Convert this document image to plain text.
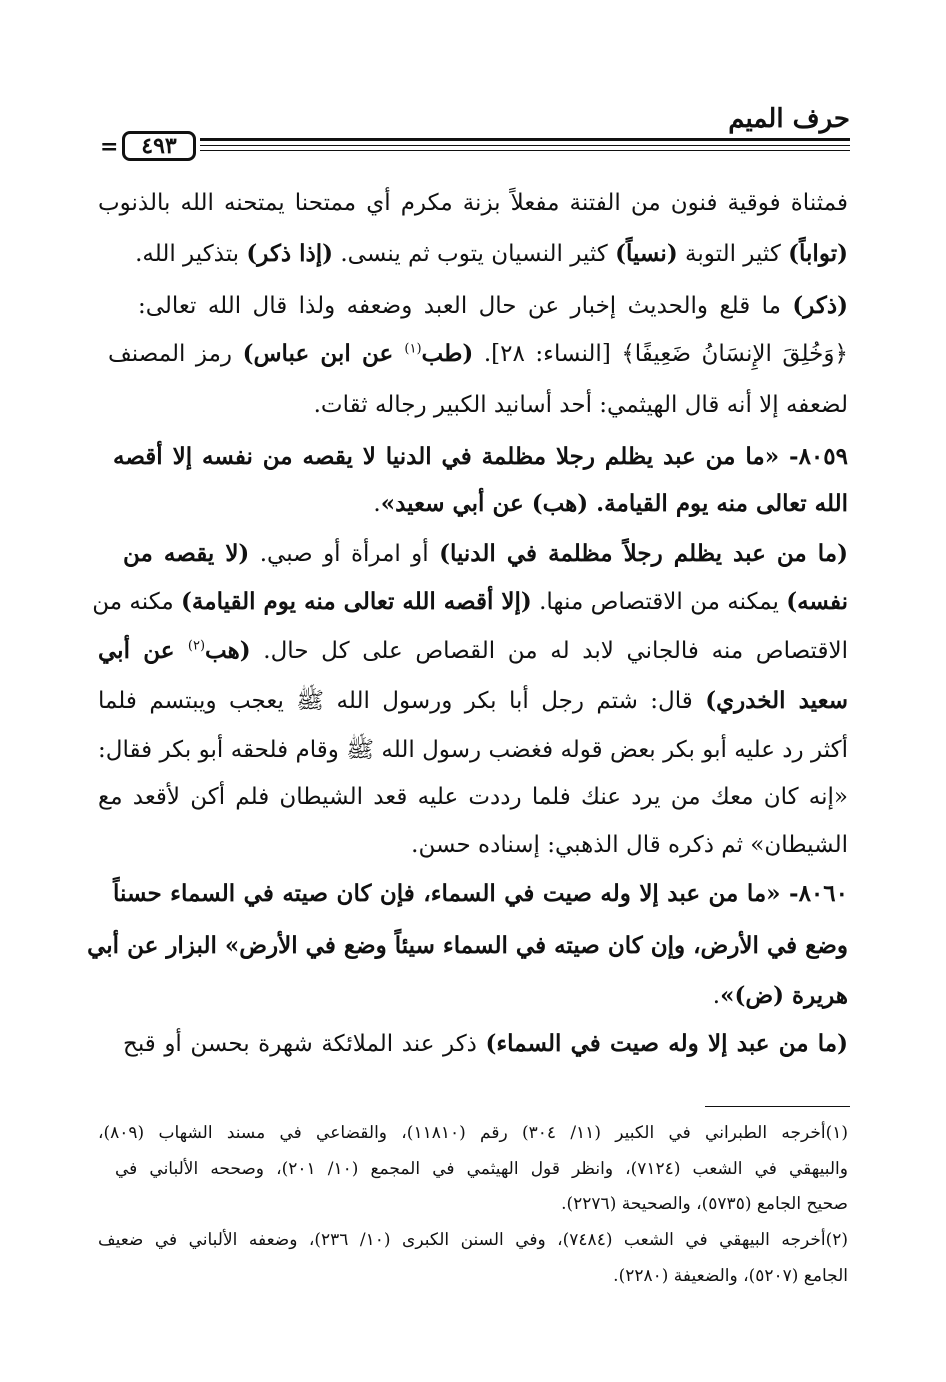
حرف الميم
٤٩٣
=
فمثناة فوقية فنون من الفتنة مفعلاً بزنة مكرم أي ممتحنا يمتحنه الله بالذنوب
(تواباً) كثير التوبة (نسياً) كثير النسيان يتوب ثم ينسى. (إذا ذكر) بتذكير الله.
(ذكر) ما قلع والحديث إخبار عن حال العبد وضعفه ولذا قال الله تعالى:
﴿وَخُلِقَ الإِنسَانُ ضَعِيفًا﴾ [النساء: ٢٨]. (طب$^{(١)}$ عن ابن عباس) رمز المصنف
لضعفه إلا أنه قال الهيثمي: أحد أسانيد الكبير رجاله ثقات.
٨٠٥٩- «ما من عبد يظلم رجلا مظلمة في الدنيا لا يقصه من نفسه إلا أقصه
الله تعالى منه يوم القيامة. (هب) عن أبي سعيد».
(ما من عبد يظلم رجلاً مظلمة في الدنيا) أو امرأة أو صبي. (لا يقصه من
نفسه) يمكنه من الاقتصاص منها. (إلا أقصه الله تعالى منه يوم القيامة) مكنه من
الاقتصاص منه فالجاني لابد له من القصاص على كل حال. (هب$^{(٢)}$ عن أبي
سعيد الخدري) قال: شتم رجل أبا بكر ورسول الله ﷺ يعجب ويبتسم فلما
أكثر رد عليه أبو بكر بعض قوله فغضب رسول الله ﷺ وقام فلحقه أبو بكر فقال:
«إنه كان معك من يرد عنك فلما رددت عليه قعد الشيطان فلم أكن لأقعد مع
الشيطان» ثم ذكره قال الذهبي: إسناده حسن.
٨٠٦٠- «ما من عبد إلا وله صيت في السماء، فإن كان صيته في السماء حسناً
وضع في الأرض، وإن كان صيته في السماء سيئاً وضع في الأرض» البزار عن أبي
هريرة (ض)».
(ما من عبد إلا وله صيت في السماء) ذكر عند الملائكة شهرة بحسن أو قبح
(١)أخرجه الطبراني في الكبير (١١/ ٣٠٤) رقم (١١٨١٠)، والقضاعي في مسند الشهاب (٨٠٩)،
والبيهقي في الشعب (٧١٢٤)، وانظر قول الهيثمي في المجمع (١٠/ ٢٠١)، وصححه الألباني في
صحيح الجامع (٥٧٣٥)، والصحيحة (٢٢٧٦).
(٢)أخرجه البيهقي في الشعب (٧٤٨٤)، وفي السنن الكبرى (١٠/ ٢٣٦)، وضعفه الألباني في ضعيف
الجامع (٥٢٠٧)، والضعيفة (٢٢٨٠).
